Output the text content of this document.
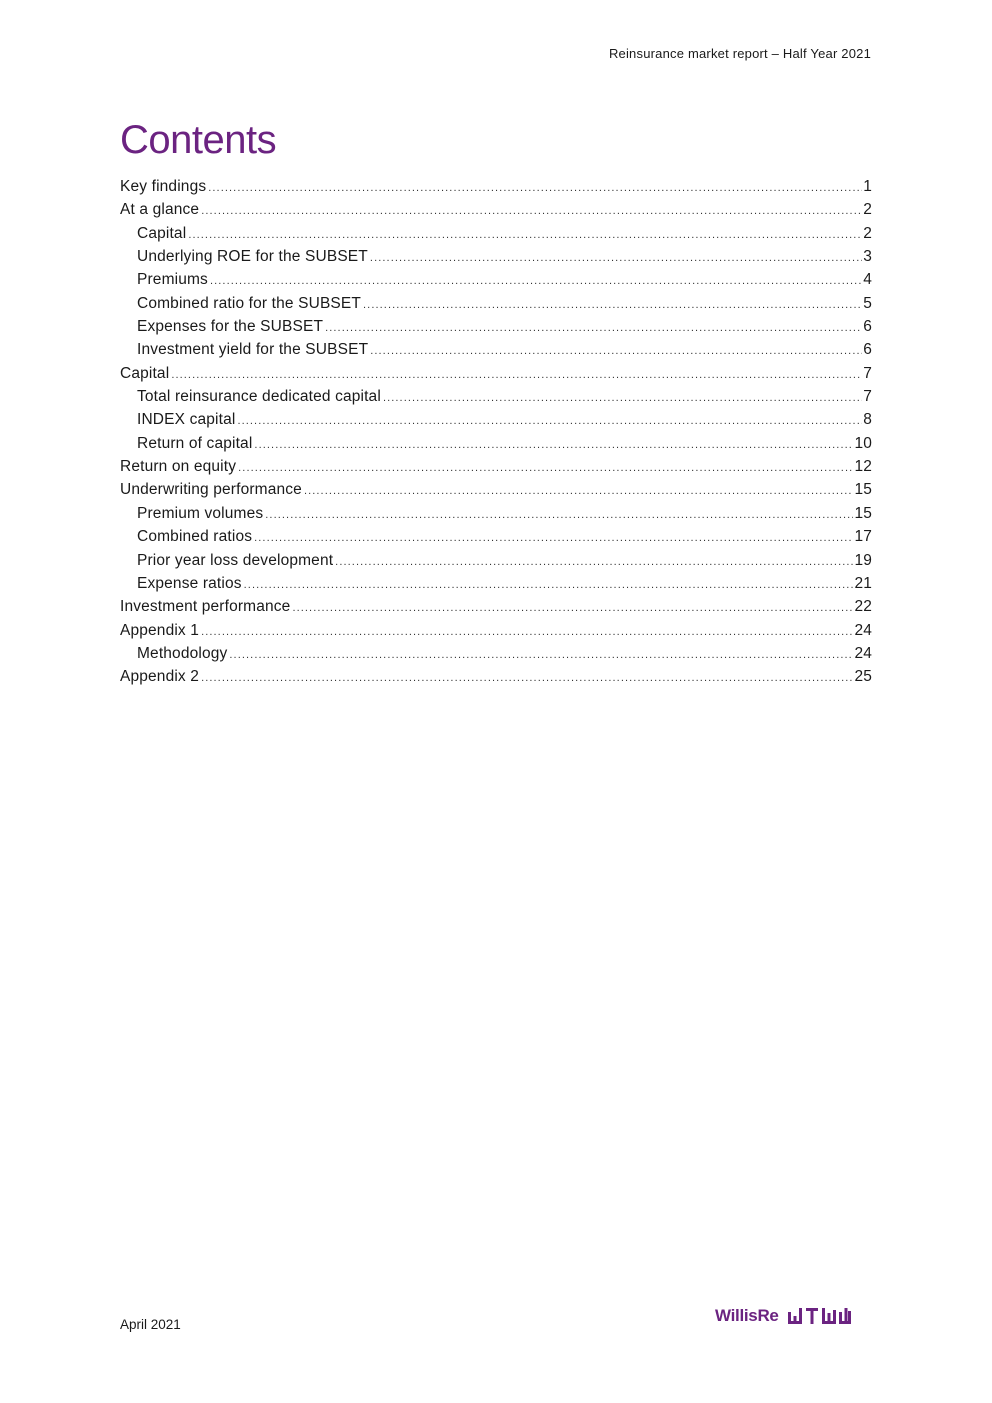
Reinsurance market report – Half Year 2021
Contents
Key findings .....	1
At a glance .....	2
Capital .....	2
Underlying ROE for the SUBSET .....	3
Premiums .....	4
Combined ratio for the SUBSET .....	5
Expenses for the SUBSET .....	6
Investment yield for the SUBSET .....	6
Capital .....	7
Total reinsurance dedicated capital .....	7
INDEX capital .....	8
Return of capital .....	10
Return on equity .....	12
Underwriting performance .....	15
Premium volumes .....	15
Combined ratios .....	17
Prior year loss development .....	19
Expense ratios .....	21
Investment performance .....	22
Appendix 1 .....	24
Methodology .....	24
Appendix 2 .....	25
April 2021	WillisRe
